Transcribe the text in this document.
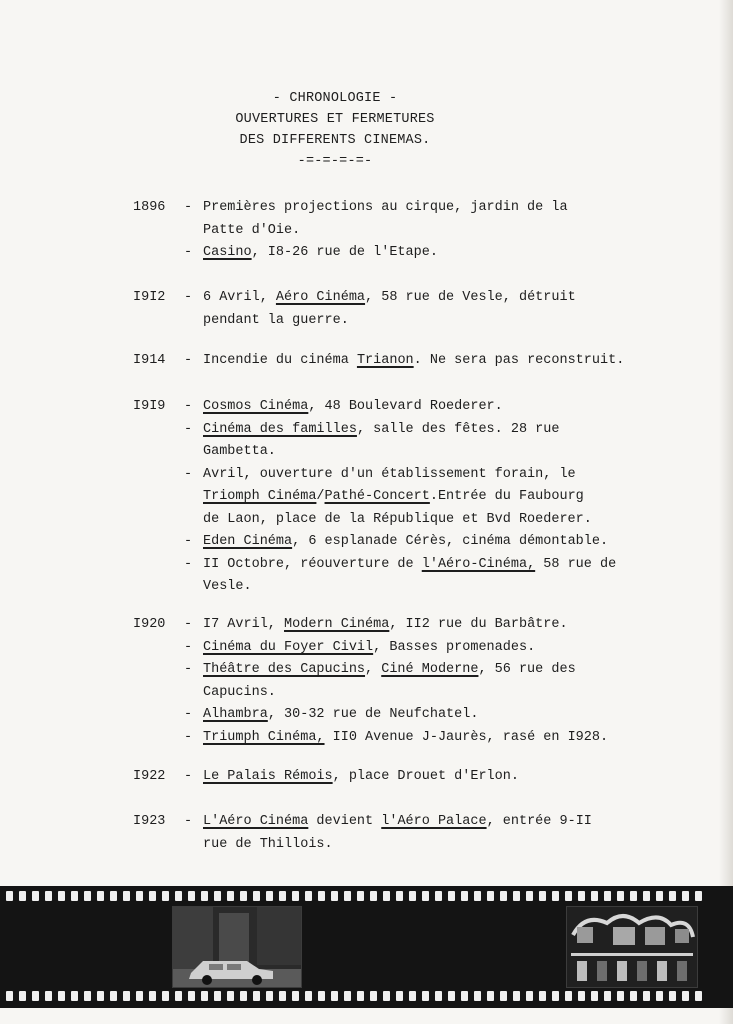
- CHRONOLOGIE -
OUVERTURES ET FERMETURES
DES DIFFERENTS CINEMAS.
-=-=-=-=-
1896	- Premières projections au cirque, jardin de la
Patte d'Oie.
- Casino, I8-26 rue de l'Etape.
I9I2	- 6 Avril, Aéro Cinéma, 58 rue de Vesle, détruit
pendant la guerre.
I914	- Incendie du cinéma Trianon. Ne sera pas reconstruit.
I9I9	- Cosmos Cinéma, 48 Boulevard Roederer.
- Cinéma des familles, salle des fêtes. 28 rue
Gambetta.
- Avril, ouverture d'un établissement forain, le
Triomph Cinéma/Pathé-Concert.Entrée du Faubourg
de Laon, place de la République et Bvd Roederer.
- Eden Cinéma, 6 esplanade Cérès, cinéma démontable.
- II Octobre, réouverture de l'Aéro-Cinéma, 58 rue de
Vesle.
I920	- I7 Avril, Modern Cinéma, II2 rue du Barbâtre.
- Cinéma du Foyer Civil, Basses promenades.
- Théâtre des Capucins, Ciné Moderne, 56 rue des
Capucins.
- Alhambra, 30-32 rue de Neufchatel.
- Triumph Cinéma, II0 Avenue J-Jaurès, rasé en I928.
I922	- Le Palais Rémois, place Drouet d'Erlon.
I923	- L'Aéro Cinéma devient l'Aéro Palace, entrée 9-II
rue de Thillois.
